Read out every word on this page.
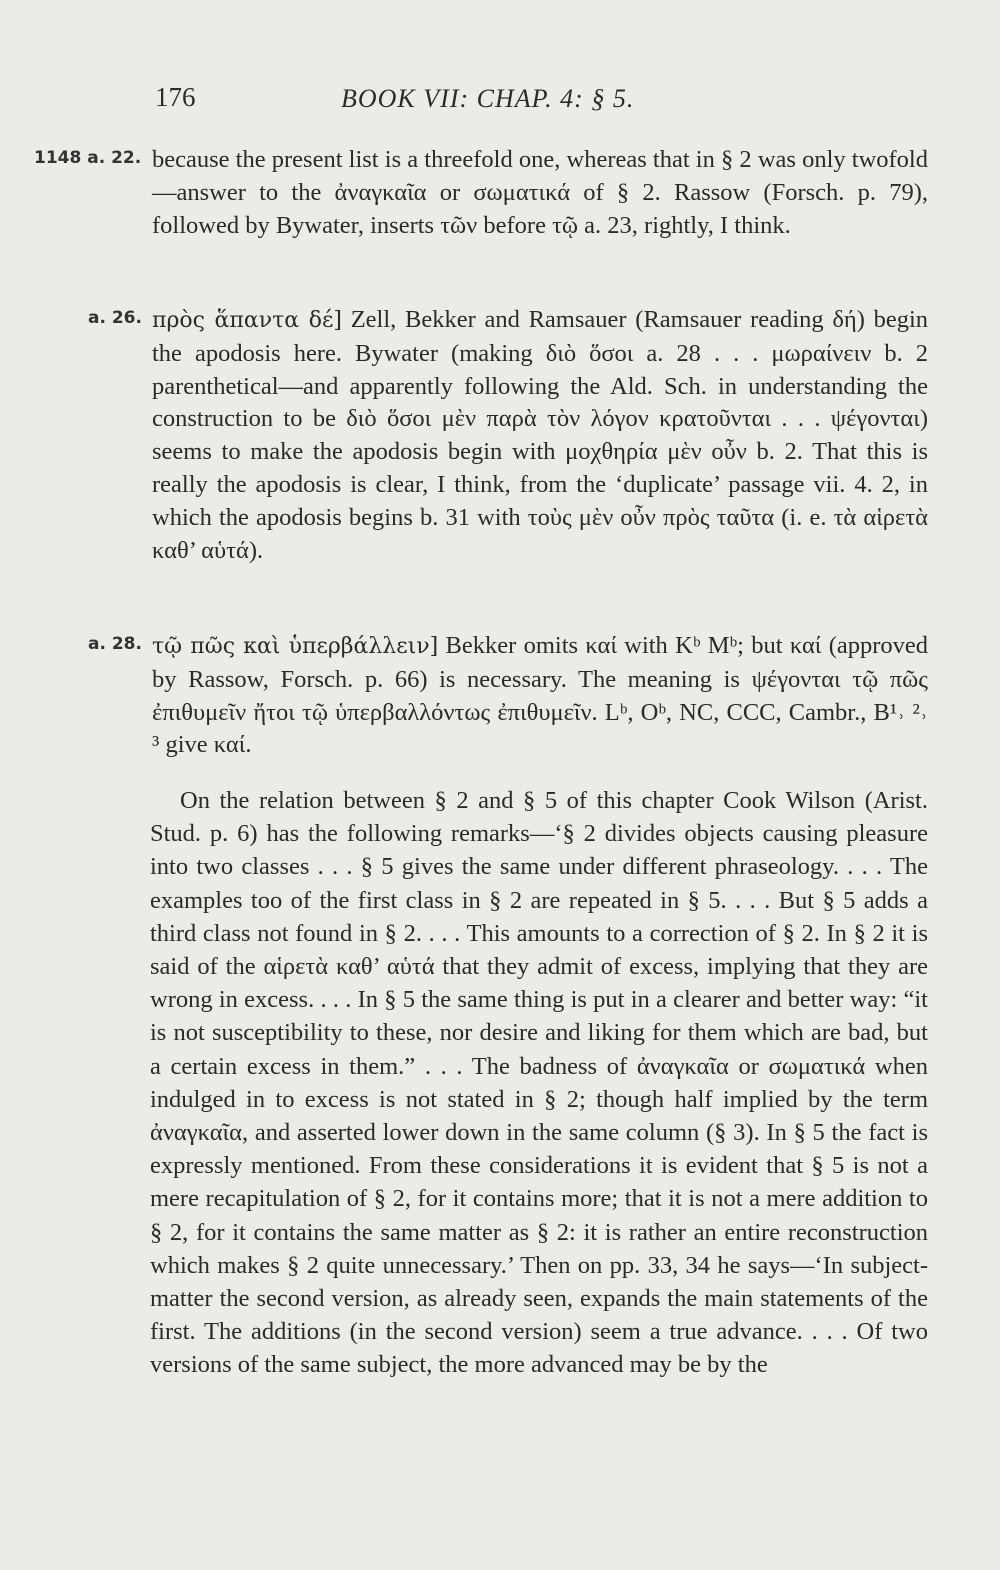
176	BOOK VII: CHAP. 4: § 5.
1148 a. 22. because the present list is a threefold one, whereas that in § 2 was only twofold—answer to the ἀναγκαῖα or σωματικά of § 2. Rassow (Forsch. p. 79), followed by Bywater, inserts τῶν before τῷ a. 23, rightly, I think.
a. 26. πρὸς ἅπαντα δέ] Zell, Bekker and Ramsauer (Ramsauer reading δή) begin the apodosis here. Bywater (making διὸ ὅσοι a. 28 . . . μωραίνειν b. 2 parenthetical—and apparently following the Ald. Sch. in understanding the construction to be διὸ ὅσοι μὲν παρὰ τὸν λόγον κρατοῦνται . . . ψέγονται) seems to make the apodosis begin with μοχθηρία μὲν οὖν b. 2. That this is really the apodosis is clear, I think, from the ‘duplicate’ passage vii. 4. 2, in which the apodosis begins b. 31 with τοὺς μὲν οὖν πρὸς ταῦτα (i. e. τὰ αἱρετὰ καθ’ αὑτά).
a. 28. τῷ πῶς καὶ ὑπερβάλλειν] Bekker omits καί with Kᵇ Mᵇ; but καί (approved by Rassow, Forsch. p. 66) is necessary. The meaning is ψέγονται τῷ πῶς ἐπιθυμεῖν ἤτοι τῷ ὑπερβαλλόντως ἐπιθυμεῖν. Lᵇ, Oᵇ, NC, CCC, Cambr., B¹˒ ²˒ ³ give καί.
On the relation between § 2 and § 5 of this chapter Cook Wilson (Arist. Stud. p. 6) has the following remarks—‘§ 2 divides objects causing pleasure into two classes . . . § 5 gives the same under different phraseology. . . . The examples too of the first class in § 2 are repeated in § 5. . . . But § 5 adds a third class not found in § 2. . . . This amounts to a correction of § 2. In § 2 it is said of the αἱρετὰ καθ’ αὑτά that they admit of excess, implying that they are wrong in excess. . . . In § 5 the same thing is put in a clearer and better way: “it is not susceptibility to these, nor desire and liking for them which are bad, but a certain excess in them.” . . . The badness of ἀναγκαῖα or σωματικά when indulged in to excess is not stated in § 2; though half implied by the term ἀναγκαῖα, and asserted lower down in the same column (§ 3). In § 5 the fact is expressly mentioned. From these considerations it is evident that § 5 is not a mere recapitulation of § 2, for it contains more; that it is not a mere addition to § 2, for it contains the same matter as § 2: it is rather an entire reconstruction which makes § 2 quite unnecessary.’ Then on pp. 33, 34 he says—‘In subject-matter the second version, as already seen, expands the main statements of the first. The additions (in the second version) seem a true advance. . . . Of two versions of the same subject, the more advanced may be by the
